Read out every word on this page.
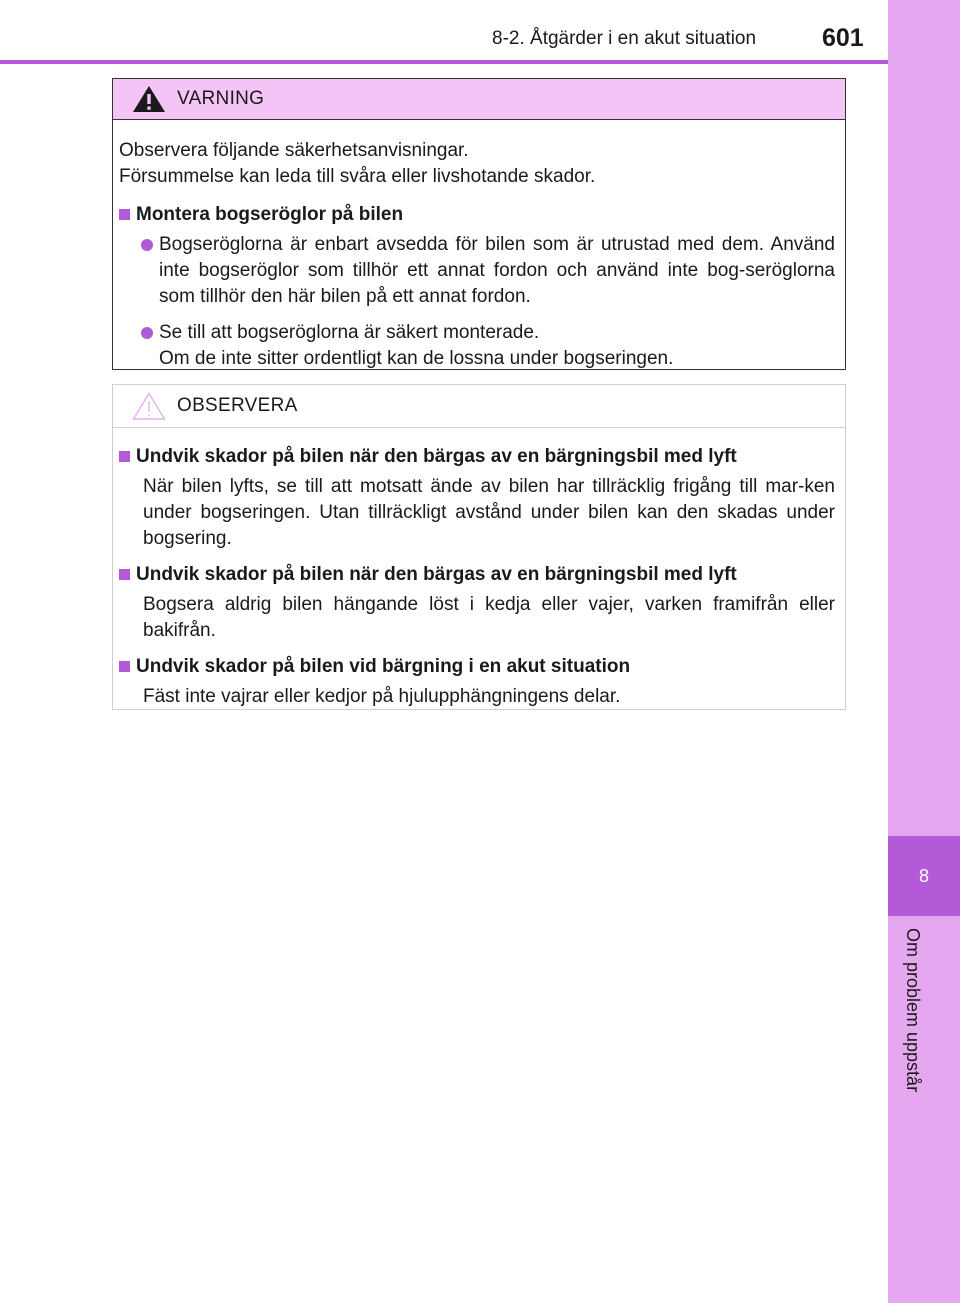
8
Om problem uppstår
8-2. Åtgärder i en akut situation	601
VARNING
Observera följande säkerhetsanvisningar.
Försummelse kan leda till svåra eller livshotande skador.
Montera bogseröglor på bilen
Bogseröglorna är enbart avsedda för bilen som är utrustad med dem. Använd inte bogseröglor som tillhör ett annat fordon och använd inte bog-seröglorna som tillhör den här bilen på ett annat fordon.
Se till att bogseröglorna är säkert monterade.
Om de inte sitter ordentligt kan de lossna under bogseringen.
OBSERVERA
Undvik skador på bilen när den bärgas av en bärgningsbil med lyft
När bilen lyfts, se till att motsatt ände av bilen har tillräcklig frigång till mar-ken under bogseringen. Utan tillräckligt avstånd under bilen kan den skadas under bogsering.
Undvik skador på bilen när den bärgas av en bärgningsbil med lyft
Bogsera aldrig bilen hängande löst i kedja eller vajer, varken framifrån eller bakifrån.
Undvik skador på bilen vid bärgning i en akut situation
Fäst inte vajrar eller kedjor på hjulupphängningens delar.
